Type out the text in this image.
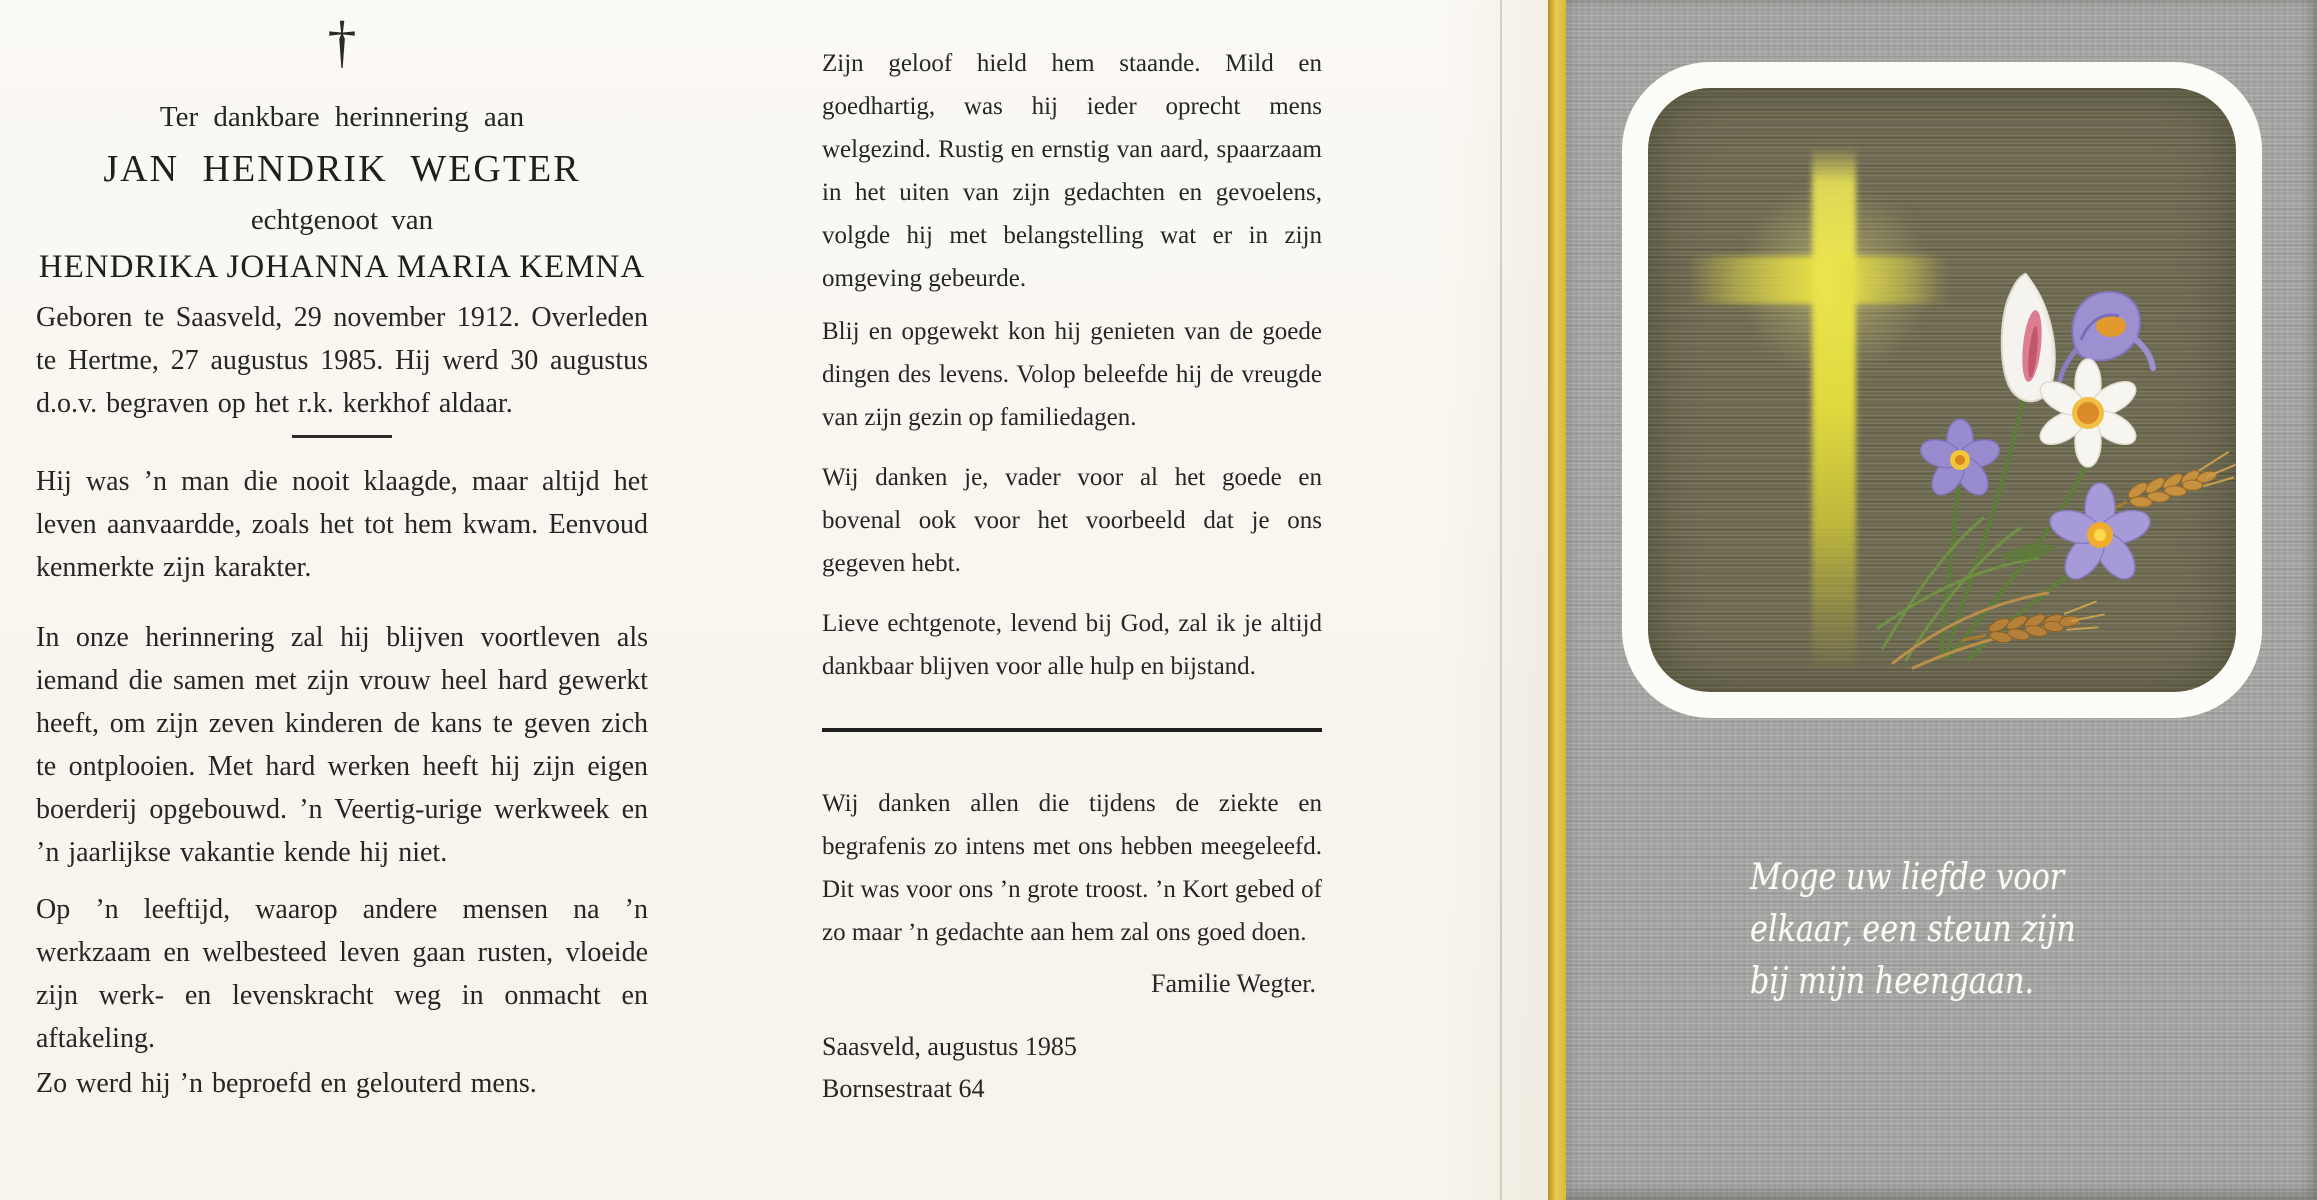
†
Ter dankbare herinnering aan
JAN HENDRIK WEGTER
echtgenoot van
HENDRIKA JOHANNA MARIA KEMNA

Geboren te Saasveld, 29 november 1912. Overleden te Hertme, 27 augustus 1985. Hij werd 30 augustus d.o.v. begraven op het r.k. kerkhof aldaar.

Hij was ’n man die nooit klaagde, maar altijd het leven aanvaardde, zoals het tot hem kwam. Eenvoud kenmerkte zijn karakter.

In onze herinnering zal hij blijven voortleven als iemand die samen met zijn vrouw heel hard gewerkt heeft, om zijn zeven kinderen de kans te geven zich te ontplooien. Met hard werken heeft hij zijn eigen boerderij opgebouwd. ’n Veertig-urige werkweek en ’n jaarlijkse vakantie kende hij niet.

Op ’n leeftijd, waarop andere mensen na ’n werkzaam en welbesteed leven gaan rusten, vloeide zijn werk- en levenskracht weg in onmacht en aftakeling.

Zo werd hij ’n beproefd en gelouterd mens.

Zijn geloof hield hem staande. Mild en goedhartig, was hij ieder oprecht mens welgezind. Rustig en ernstig van aard, spaarzaam in het uiten van zijn gedachten en gevoelens, volgde hij met belangstelling wat er in zijn omgeving gebeurde.

Blij en opgewekt kon hij genieten van de goede dingen des levens. Volop beleefde hij de vreugde van zijn gezin op familiedagen.

Wij danken je, vader voor al het goede en bovenal ook voor het voorbeeld dat je ons gegeven hebt.

Lieve echtgenote, levend bij God, zal ik je altijd dankbaar blijven voor alle hulp en bijstand.

Wij danken allen die tijdens de ziekte en begrafenis zo intens met ons hebben meegeleefd. Dit was voor ons ’n grote troost. ’n Kort gebed of zo maar ’n gedachte aan hem zal ons goed doen.

Familie Wegter.
Saasveld, augustus 1985
Bornsestraat 64
Moge uw liefde voor
elkaar, een steun zijn
bij mijn heengaan.
